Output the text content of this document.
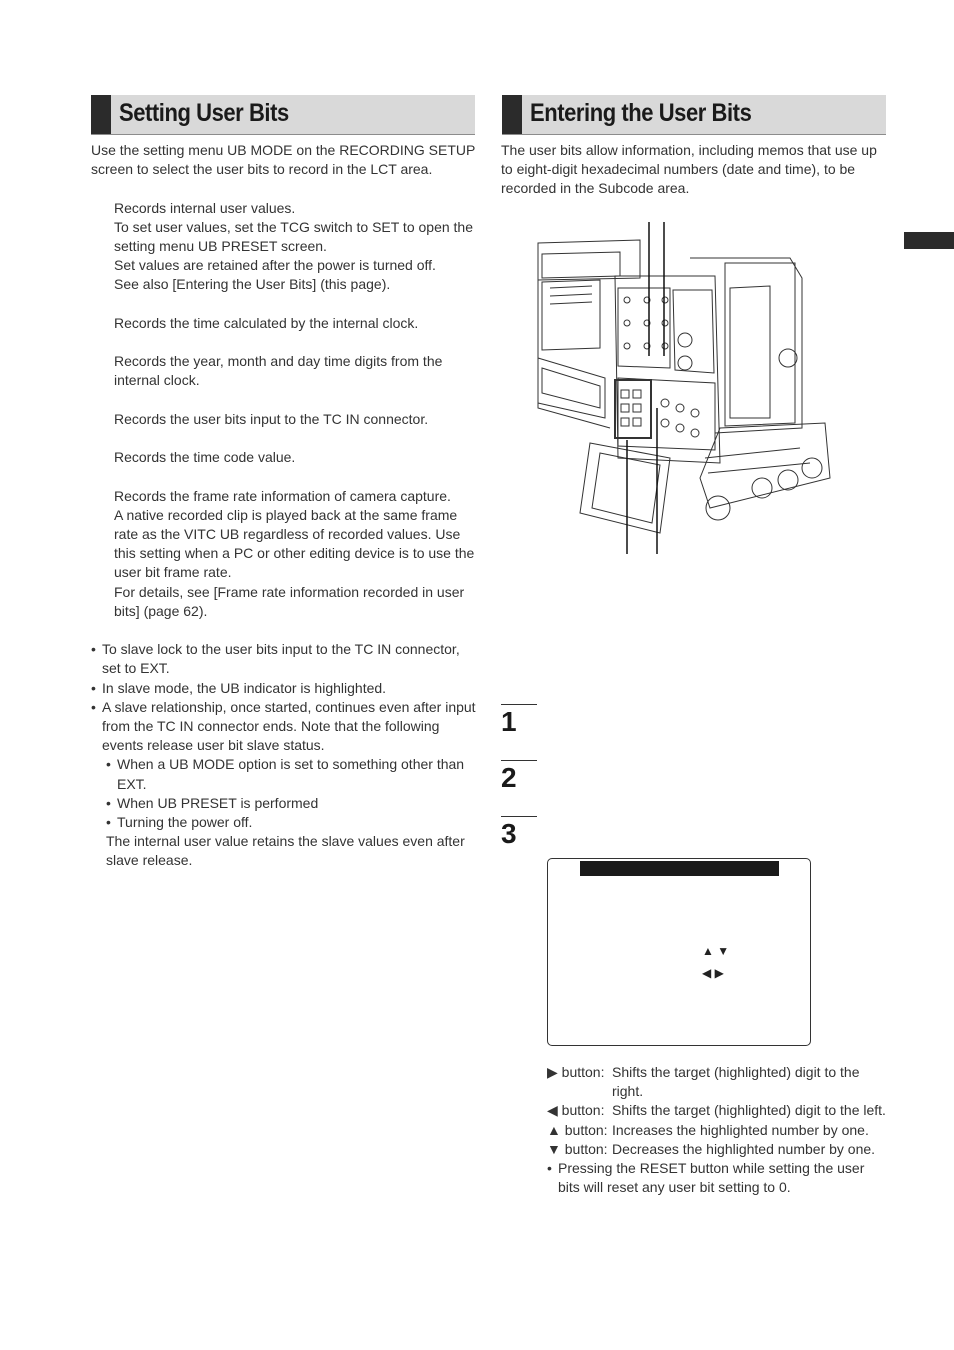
Setting User Bits

Use the setting menu UB MODE on the RECORDING SETUP screen to select the user bits to record in the LCT area.

Records internal user values.

To set user values, set the TCG switch to SET to open the setting menu UB PRESET screen.

Set values are retained after the power is turned off.

See also [Entering the User Bits] (this page).

Records the time calculated by the internal clock.

Records the year, month and day time digits from the internal clock.

Records the user bits input to the TC IN connector.

Records the time code value.

Records the frame rate information of camera capture.

A native recorded clip is played back at the same frame rate as the VITC UB regardless of recorded values. Use this setting when a PC or other editing device is to use the user bit frame rate.

For details, see [Frame rate information recorded in user bits] (page 62).

• To slave lock to the user bits input to the TC IN connector, set to EXT.
• In slave mode, the UB indicator is highlighted.
• A slave relationship, once started, continues even after input from the TC IN connector ends. Note that the following events release user bit slave status.
• When a UB MODE option is set to something other than EXT.
• When UB PRESET is performed
• Turning the power off.

The internal user value retains the slave values even after slave release.

Entering the User Bits
The user bits allow information, including memos that use up to eight-digit hexadecimal numbers (date and time), to be recorded in the Subcode area.
1
2
3
▲ ▼
◀ ▶
▶ button: Shifts the target (highlighted) digit to the right.
◀ button: Shifts the target (highlighted) digit to the left.
▲ button: Increases the highlighted number by one.
▼ button: Decreases the highlighted number by one.

• Pressing the RESET button while setting the user bits will reset any user bit setting to 0.
